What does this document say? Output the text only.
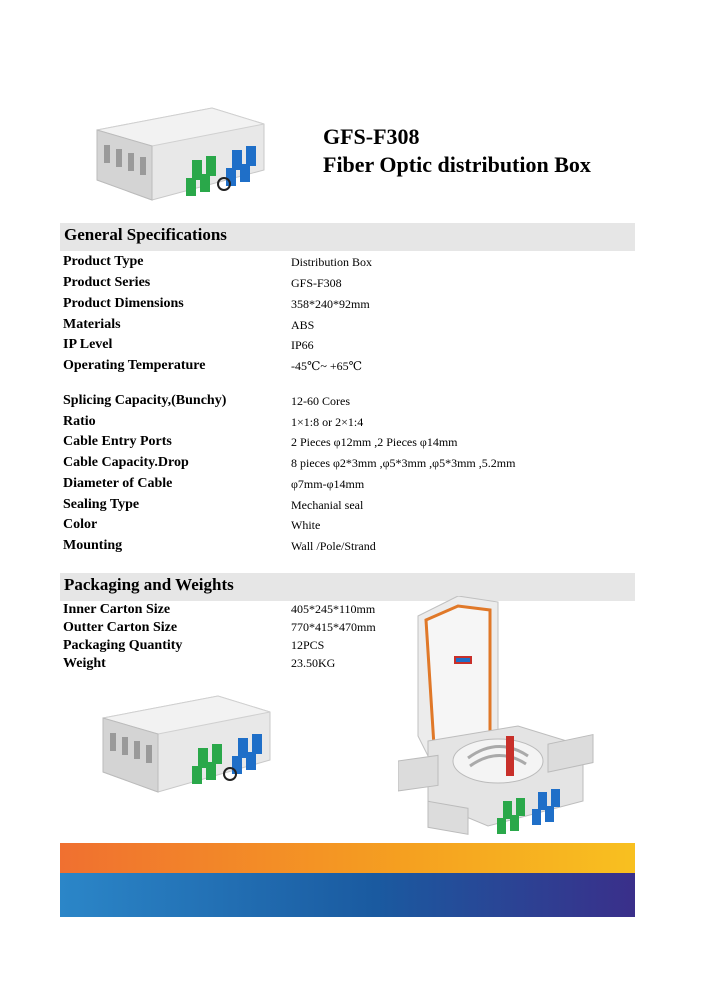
GFS-F308
Fiber Optic distribution Box
General Specifications
Product Type	Distribution Box
Product Series	GFS-F308
Product Dimensions	358*240*92mm
Materials	ABS
IP Level	IP66
Operating Temperature	-45℃~ +65℃
Splicing Capacity,(Bunchy)	12-60 Cores
Ratio	1×1:8 or 2×1:4
Cable Entry Ports	2 Pieces φ12mm ,2 Pieces φ14mm
Cable Capacity.Drop	8 pieces φ2*3mm ,φ5*3mm ,φ5*3mm ,5.2mm
Diameter of Cable	φ7mm-φ14mm
Sealing Type	Mechanial seal
Color	White
Mounting	Wall /Pole/Strand
Packaging and Weights
Inner Carton Size	405*245*110mm
Outter Carton Size	770*415*470mm
Packaging Quantity	12PCS
Weight	23.50KG
